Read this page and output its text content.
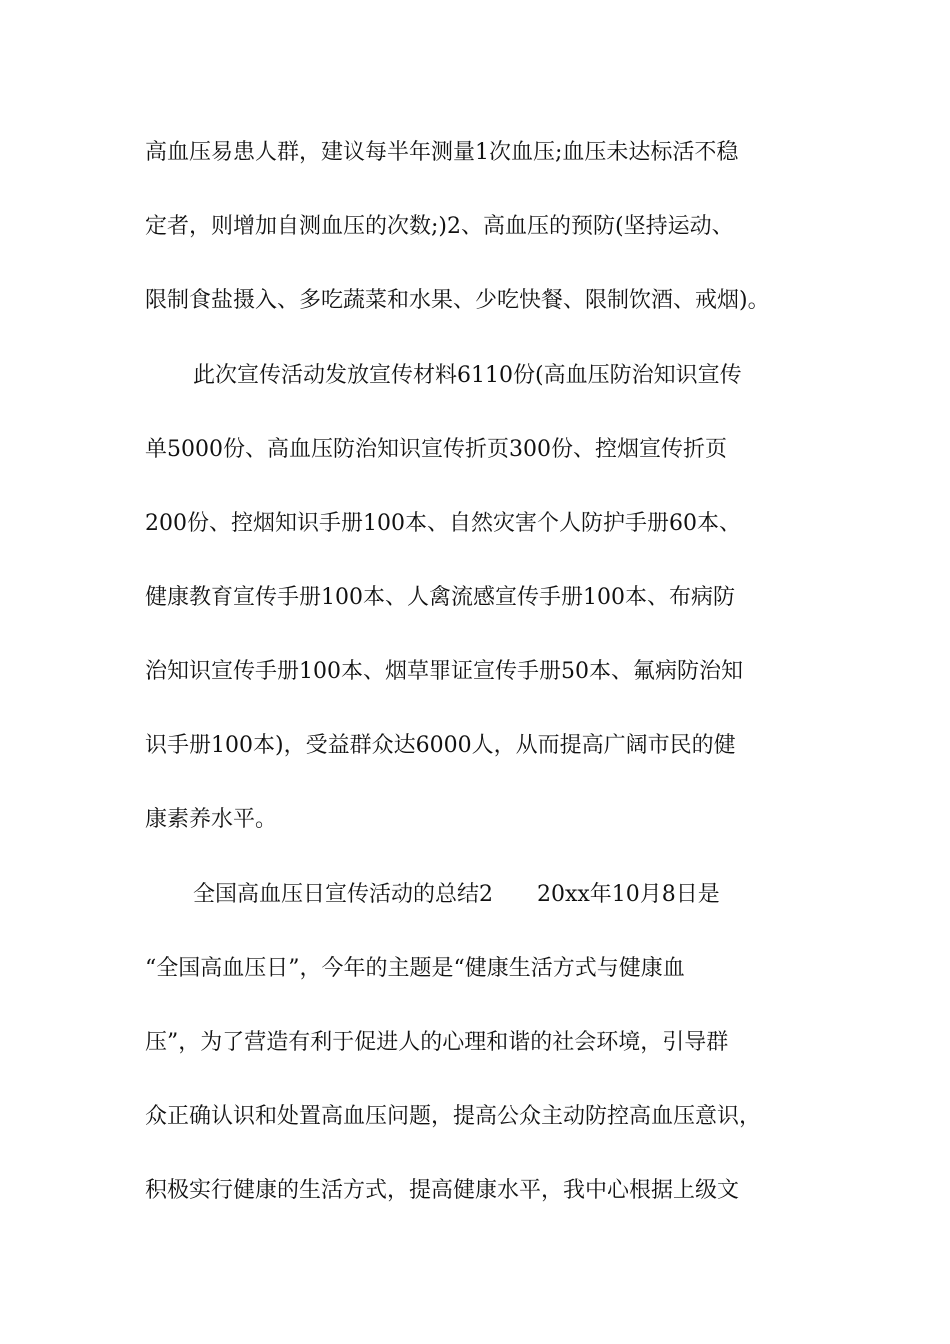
高血压易患人群，建议每半年测量1次血压;血压未达标活不稳
定者，则增加自测血压的次数;)2、高血压的预防(坚持运动、
限制食盐摄入、多吃蔬菜和水果、少吃快餐、限制饮酒、戒烟)。
此次宣传活动发放宣传材料6110份(高血压防治知识宣传
单5000份、高血压防治知识宣传折页300份、控烟宣传折页
200份、控烟知识手册100本、自然灾害个人防护手册60本、
健康教育宣传手册100本、人禽流感宣传手册100本、布病防
治知识宣传手册100本、烟草罪证宣传手册50本、氟病防治知
识手册100本)，受益群众达6000人，从而提高广阔市民的健
康素养水平。
全国高血压日宣传活动的总结2　　20xx年10月8日是
“全国高血压日”，今年的主题是“健康生活方式与健康血
压”，为了营造有利于促进人的心理和谐的社会环境，引导群
众正确认识和处置高血压问题，提高公众主动防控高血压意识，
积极实行健康的生活方式，提高健康水平，我中心根据上级文
